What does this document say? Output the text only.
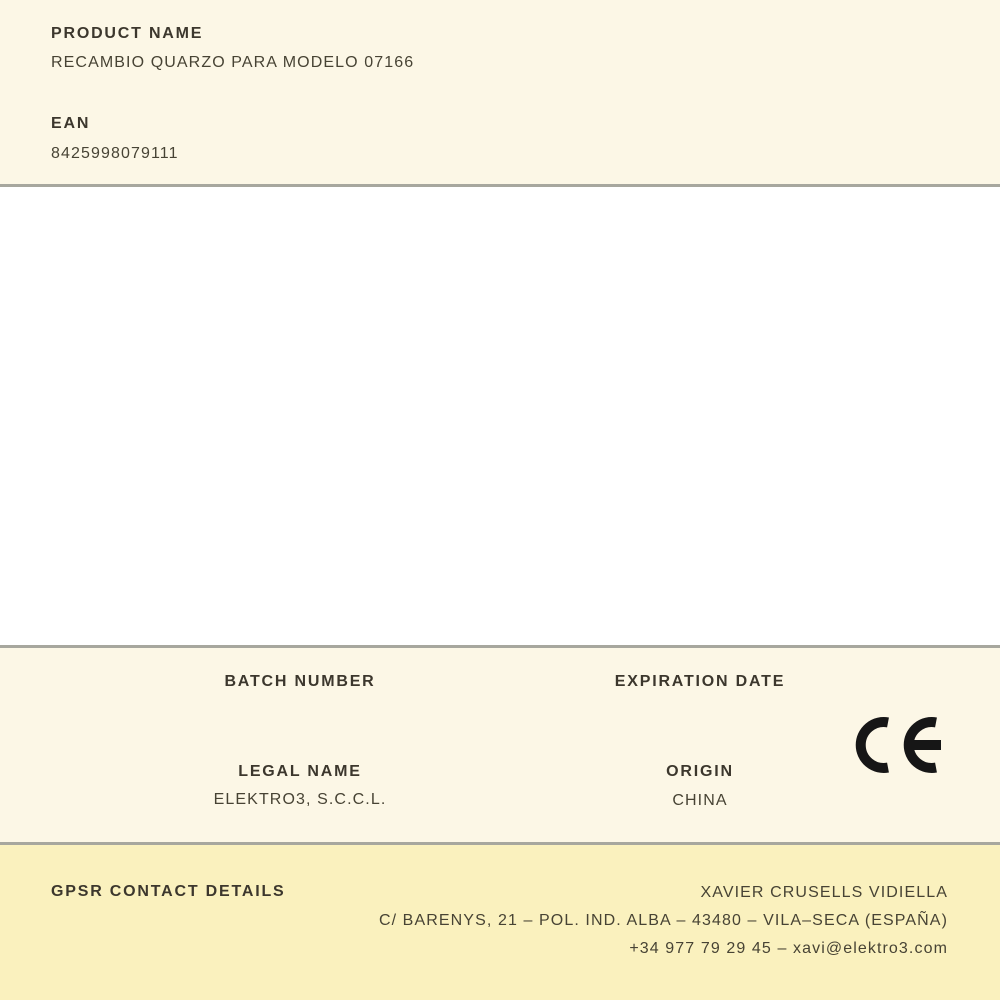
PRODUCT NAME
RECAMBIO QUARZO PARA MODELO 07166
EAN
8425998079111
BATCH NUMBER	EXPIRATION DATE
LEGAL NAME
ELEKTRO3, S.C.C.L.
ORIGIN
CHINA
GPSR CONTACT DETAILS	XAVIER CRUSELLS VIDIELLA
C/ BARENYS, 21 – POL. IND. ALBA – 43480 – VILA–SECA (ESPAÑA)
+34 977 79 29 45 – xavi@elektro3.com
